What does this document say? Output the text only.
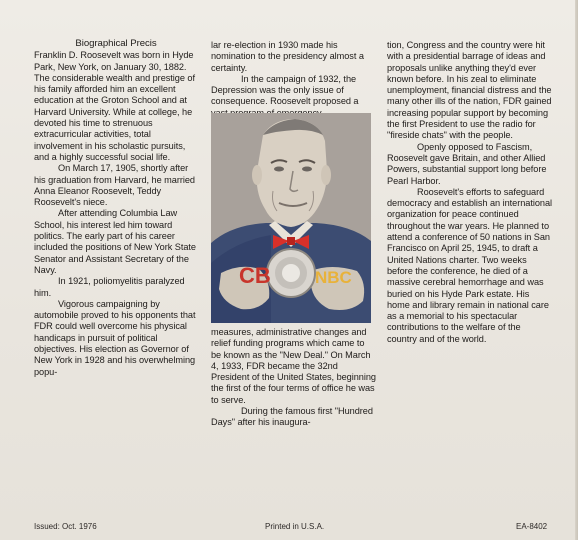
Biographical Precis

Franklin D. Roosevelt was born in Hyde Park, New York, on January 30, 1882. The considerable wealth and prestige of his family afforded him an excellent education at the Groton School and at Harvard University. While at college, he devoted his time to strenuous extracurricular activities, total involvement in his scholastic pursuits, and a highly successful social life.

On March 17, 1905, shortly after his graduation from Harvard, he married Anna Eleanor Roosevelt, Teddy Roosevelt's niece.

After attending Columbia Law School, his interest led him toward politics. The early part of his career included the positions of New York State Senator and Assistant Secretary of the Navy.

In 1921, poliomyelitis paralyzed him.

Vigorous campaigning by automobile proved to his opponents that FDR could well overcome his physical handicaps in pursuit of political objectives. His election as Governor of New York in 1928 and his overwhelming popu-

lar re-election in 1930 made his nomination to the presidency almost a certainty.

In the campaign of 1932, the Depression was the only issue of consequence. Roosevelt proposed a

CB	NBC

measures, administrative changes and relief funding programs which came to be known as the "New Deal." On March 4, 1933, FDR became the 32nd President of the United States, beginning the first of the four terms of office he was to serve.

During the famous first "Hundred Days" after his inaugura-

tion, Congress and the country were hit with a presidential barrage of ideas and proposals unlike anything they'd ever known before. In his zeal to eliminate unemployment, financial distress and the many other ills of the nation, FDR gained increasing popular support by becoming the first President to use the radio for "fireside chats" with the people.

Openly opposed to Fascism, Roosevelt gave Britain, and other Allied Powers, substantial support long before Pearl Harbor.

Roosevelt's efforts to safeguard democracy and establish an international organization for peace continued throughout the war years. He planned to attend a conference of 50 nations in San Francisco on April 25, 1945, to draft a United Nations charter. Two weeks before the conference, he died of a massive cerebral hemorrhage and was buried on his Hyde Park estate. His home and library remain in national care as a memorial to his spectacular contributions to the welfare of the country and of the world.

Issued: Oct. 1976	Printed in U.S.A.	EA-8402
